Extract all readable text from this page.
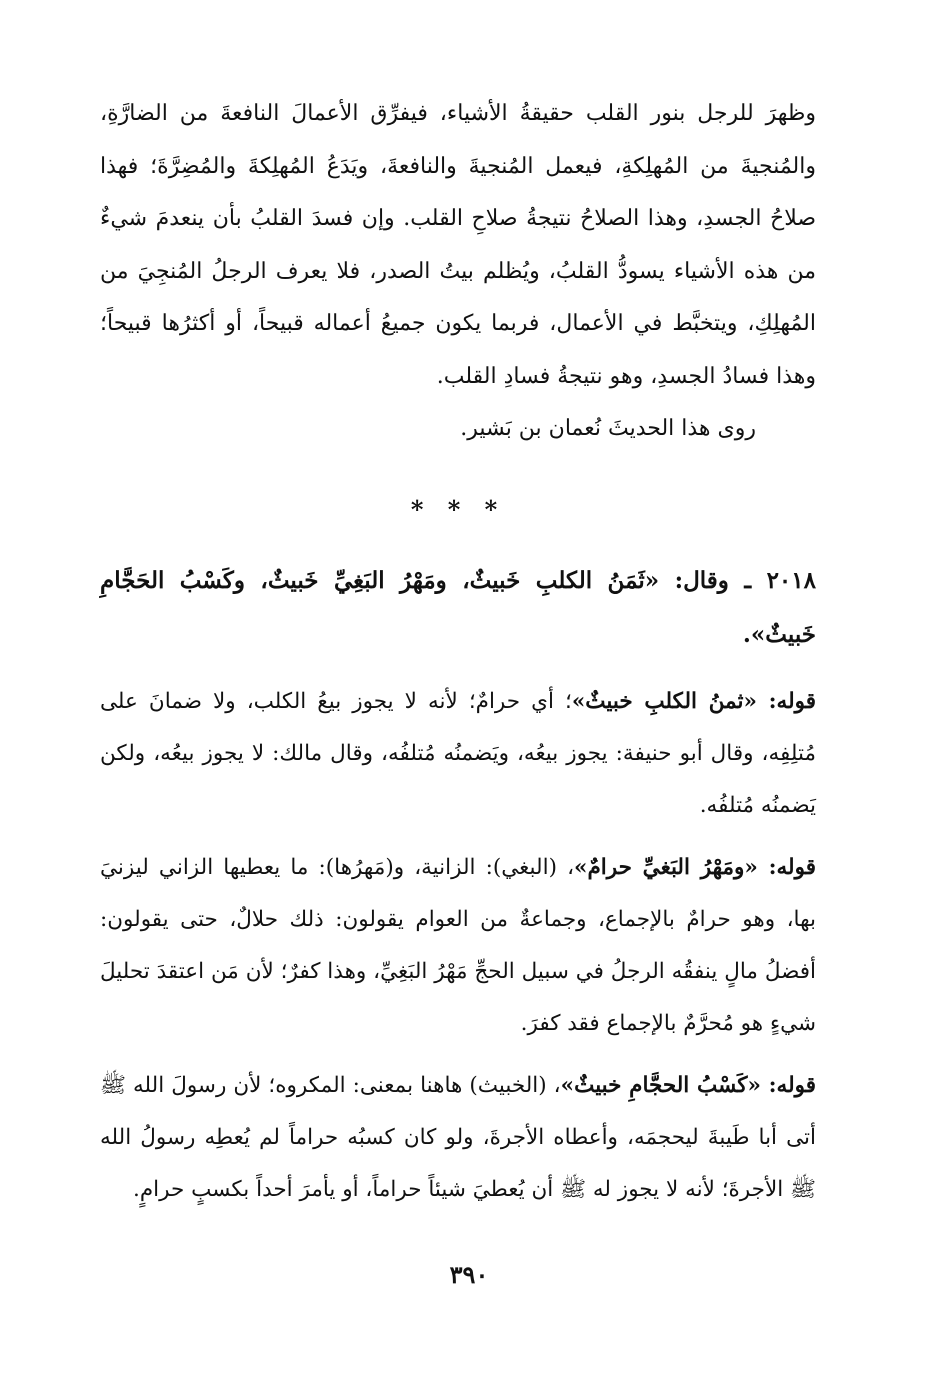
وظهرَ للرجل بنور القلب حقيقةُ الأشياء، فيفرِّق الأعمالَ النافعةَ من الضارَّةِ، والمُنجيةَ من المُهلِكةِ، فيعمل المُنجيةَ والنافعةَ، ويَدَعُ المُهلِكةَ والمُضِرَّةَ؛ فهذا صلاحُ الجسدِ، وهذا الصلاحُ نتيجةُ صلاحِ القلب. وإن فسدَ القلبُ بأن ينعدمَ شيءٌ من هذه الأشياء يسودُّ القلبُ، ويُظلم بيتُ الصدر، فلا يعرف الرجلُ المُنجِيَ من المُهلِكِ، ويتخبَّط في الأعمال، فربما يكون جميعُ أعماله قبيحاً، أو أكثرُها قبيحاً؛ وهذا فسادُ الجسدِ، وهو نتيجةُ فسادِ القلب.

روى هذا الحديثَ نُعمان بن بَشير.

* * *

٢٠١٨ ـ وقال: «ثَمَنُ الكلبِ خَبيثٌ، ومَهْرُ البَغِيِّ خَبيثٌ، وكَسْبُ الحَجَّامِ خَبيثٌ».

قوله: «ثمنُ الكلبِ خبيثٌ»؛ أي حرامٌ؛ لأنه لا يجوز بيعُ الكلب، ولا ضمانَ على مُتلِفِه، وقال أبو حنيفة: يجوز بيعُه، ويَضمنُه مُتلفُه، وقال مالك: لا يجوز بيعُه، ولكن يَضمنُه مُتلفُه.

قوله: «ومَهْرُ البَغيِّ حرامٌ»، (البغي): الزانية، و(مَهرُها): ما يعطيها الزاني ليزنيَ بها، وهو حرامٌ بالإجماع، وجماعةٌ من العوام يقولون: ذلك حلالٌ، حتى يقولون: أفضلُ مالٍ ينفقُه الرجلُ في سبيل الحجِّ مَهْرُ البَغِيِّ، وهذا كفرٌ؛ لأن مَن اعتقدَ تحليلَ شيءٍ هو مُحرَّمٌ بالإجماع فقد كفرَ.

قوله: «كَسْبُ الحجَّامِ خبيثٌ»، (الخبيث) هاهنا بمعنى: المكروه؛ لأن رسولَ الله ﷺ أتى أبا طَيبةَ ليحجمَه، وأعطاه الأجرةَ، ولو كان كسبُه حراماً لم يُعطِه رسولُ الله ﷺ الأجرةَ؛ لأنه لا يجوز له ﷺ أن يُعطيَ شيئاً حراماً، أو يأمرَ أحداً بكسبٍ حرامٍ.

٣٩٠
